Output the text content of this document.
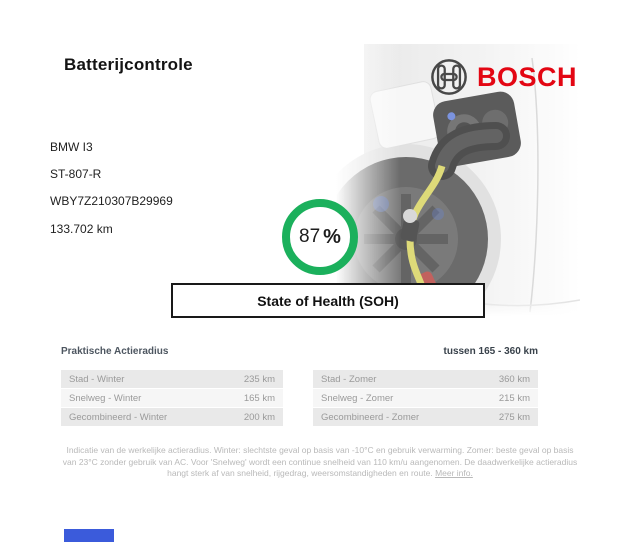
Batterijcontrole	BOSCH
BMW I3
ST-807-R
WBY7Z210307B29969
133.702 km	87 %
State of Health (SOH)
Praktische Actieradius	tussen 165 - 360 km
Stad - Winter	235 km
Snelweg - Winter	165 km
Gecombineerd - Winter	200 km
Stad - Zomer	360 km
Snelweg - Zomer	215 km
Gecombineerd - Zomer	275 km
Indicatie van de werkelijke actieradius. Winter: slechtste geval op basis van -10°C en gebruik verwarming. Zomer: beste geval op basis van 23°C zonder gebruik van AC. Voor 'Snelweg' wordt een continue snelheid van 110 km/u aangenomen. De daadwerkelijke actieradius hangt sterk af van snelheid, rijgedrag, weersomstandigheden en route. Meer info.
